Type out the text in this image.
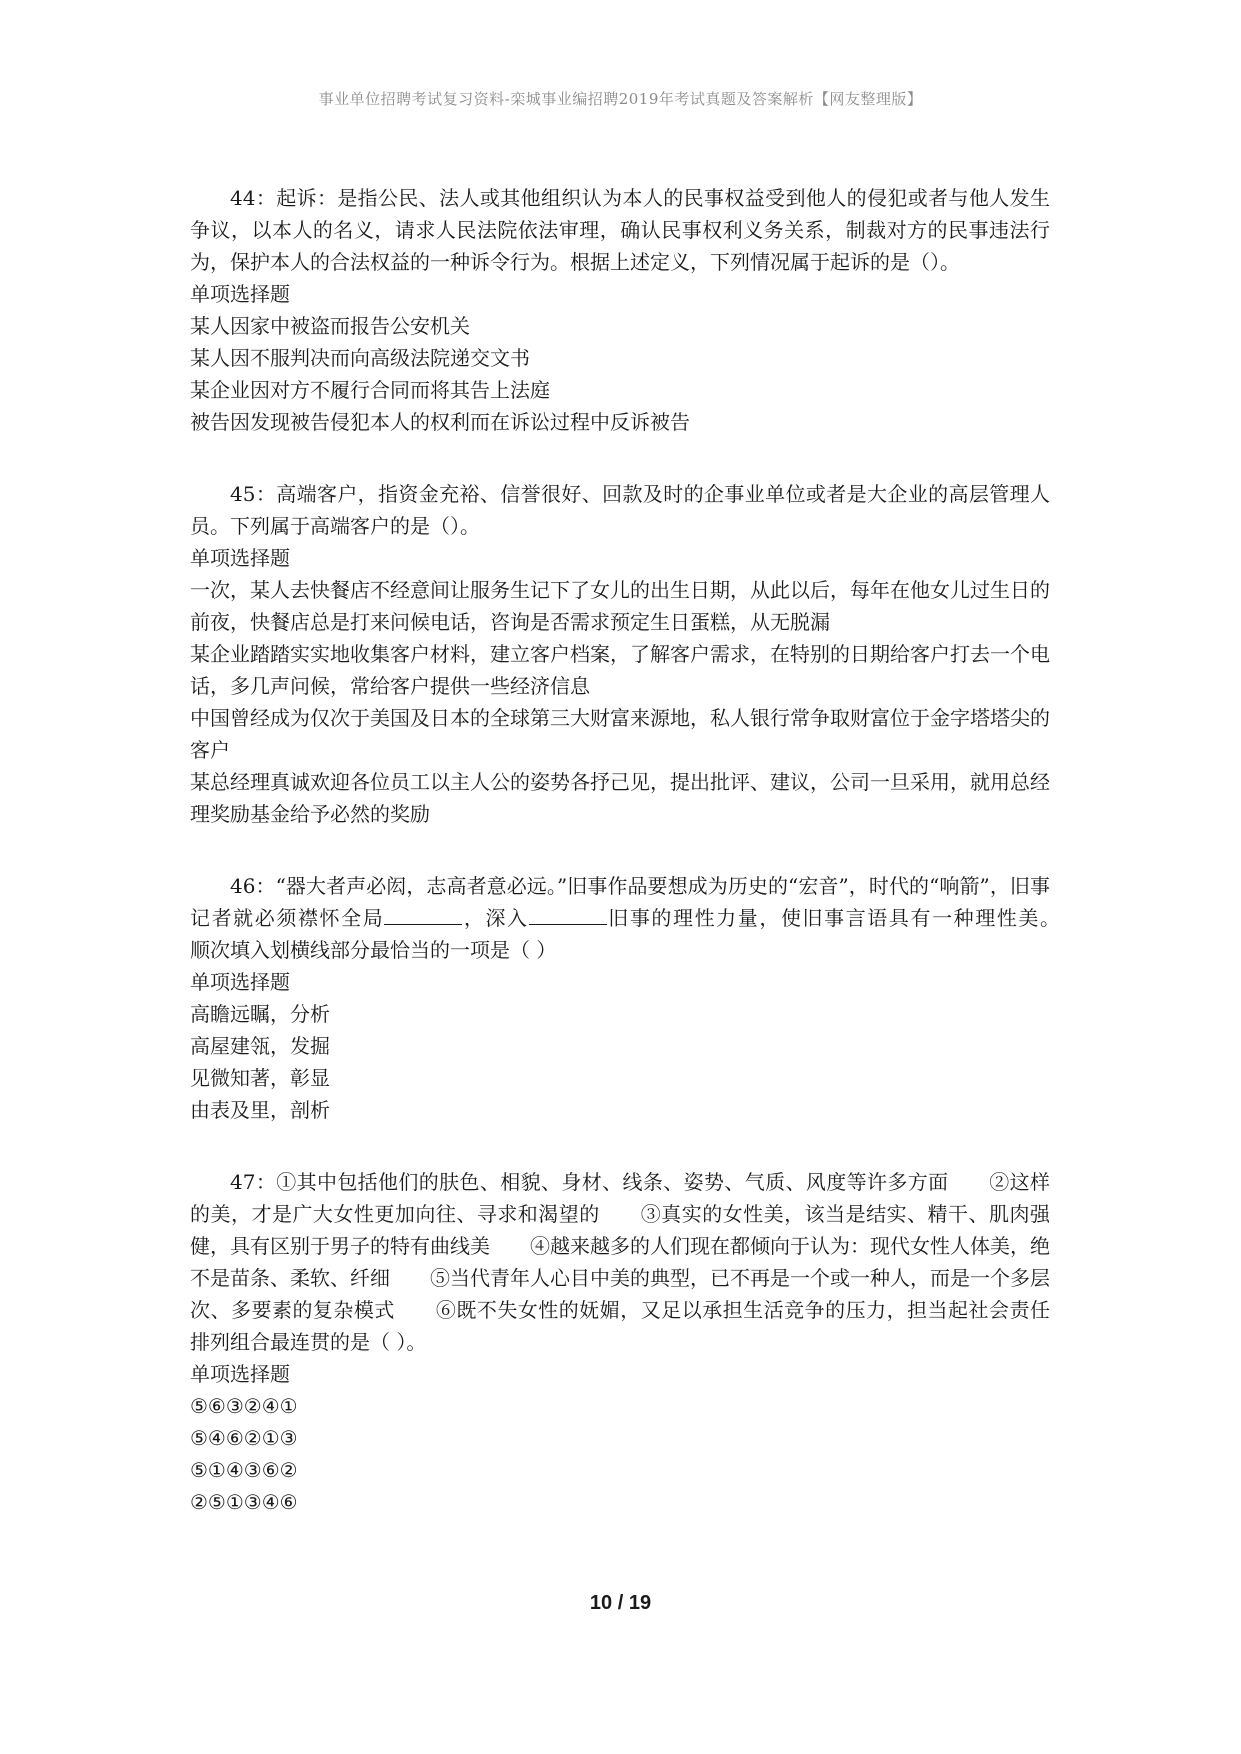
事业单位招聘考试复习资料-栾城事业编招聘2019年考试真题及答案解析【网友整理版】

44：起诉：是指公民、法人或其他组织认为本人的民事权益受到他人的侵犯或者与他人发生争议，以本人的名义，请求人民法院依法审理，确认民事权利义务关系，制裁对方的民事违法行为，保护本人的合法权益的一种诉令行为。根据上述定义，下列情况属于起诉的是（）。

单项选择题

某人因家中被盗而报告公安机关
某人因不服判决而向高级法院递交文书
某企业因对方不履行合同而将其告上法庭
被告因发现被告侵犯本人的权利而在诉讼过程中反诉被告

45：高端客户，指资金充裕、信誉很好、回款及时的企事业单位或者是大企业的高层管理人员。下列属于高端客户的是（）。

单项选择题

一次，某人去快餐店不经意间让服务生记下了女儿的出生日期，从此以后，每年在他女儿过生日的前夜，快餐店总是打来问候电话，咨询是否需求预定生日蛋糕，从无脱漏
某企业踏踏实实地收集客户材料，建立客户档案，了解客户需求，在特别的日期给客户打去一个电话，多几声问候，常给客户提供一些经济信息
中国曾经成为仅次于美国及日本的全球第三大财富来源地，私人银行常争取财富位于金字塔塔尖的客户
某总经理真诚欢迎各位员工以主人公的姿势各抒己见，提出批评、建议，公司一旦采用，就用总经理奖励基金给予必然的奖励

46：“器大者声必闳，志高者意必远。”旧事作品要想成为历史的“宏音”，时代的“响箭”，旧事记者就必须襟怀全局	，深入	旧事的理性力量，使旧事言语具有一种理性美。　　顺次填入划横线部分最恰当的一项是（ ）

单项选择题

高瞻远瞩，分析
高屋建瓴，发掘
见微知著，彰显
由表及里，剖析

47：①其中包括他们的肤色、相貌、身材、线条、姿势、气质、风度等许多方面　　②这样的美，才是广大女性更加向往、寻求和渴望的　　③真实的女性美，该当是结实、精干、肌肉强健，具有区别于男子的特有曲线美　　④越来越多的人们现在都倾向于认为：现代女性人体美，绝不是苗条、柔软、纤细　　⑤当代青年人心目中美的典型，已不再是一个或一种人，而是一个多层次、多要素的复杂模式　　⑥既不失女性的妩媚，又足以承担生活竞争的压力，担当起社会责任　　排列组合最连贯的是（ ）。

单项选择题

⑤⑥③②④①
⑤④⑥②①③
⑤①④③⑥②
②⑤①③④⑥
10 / 19
